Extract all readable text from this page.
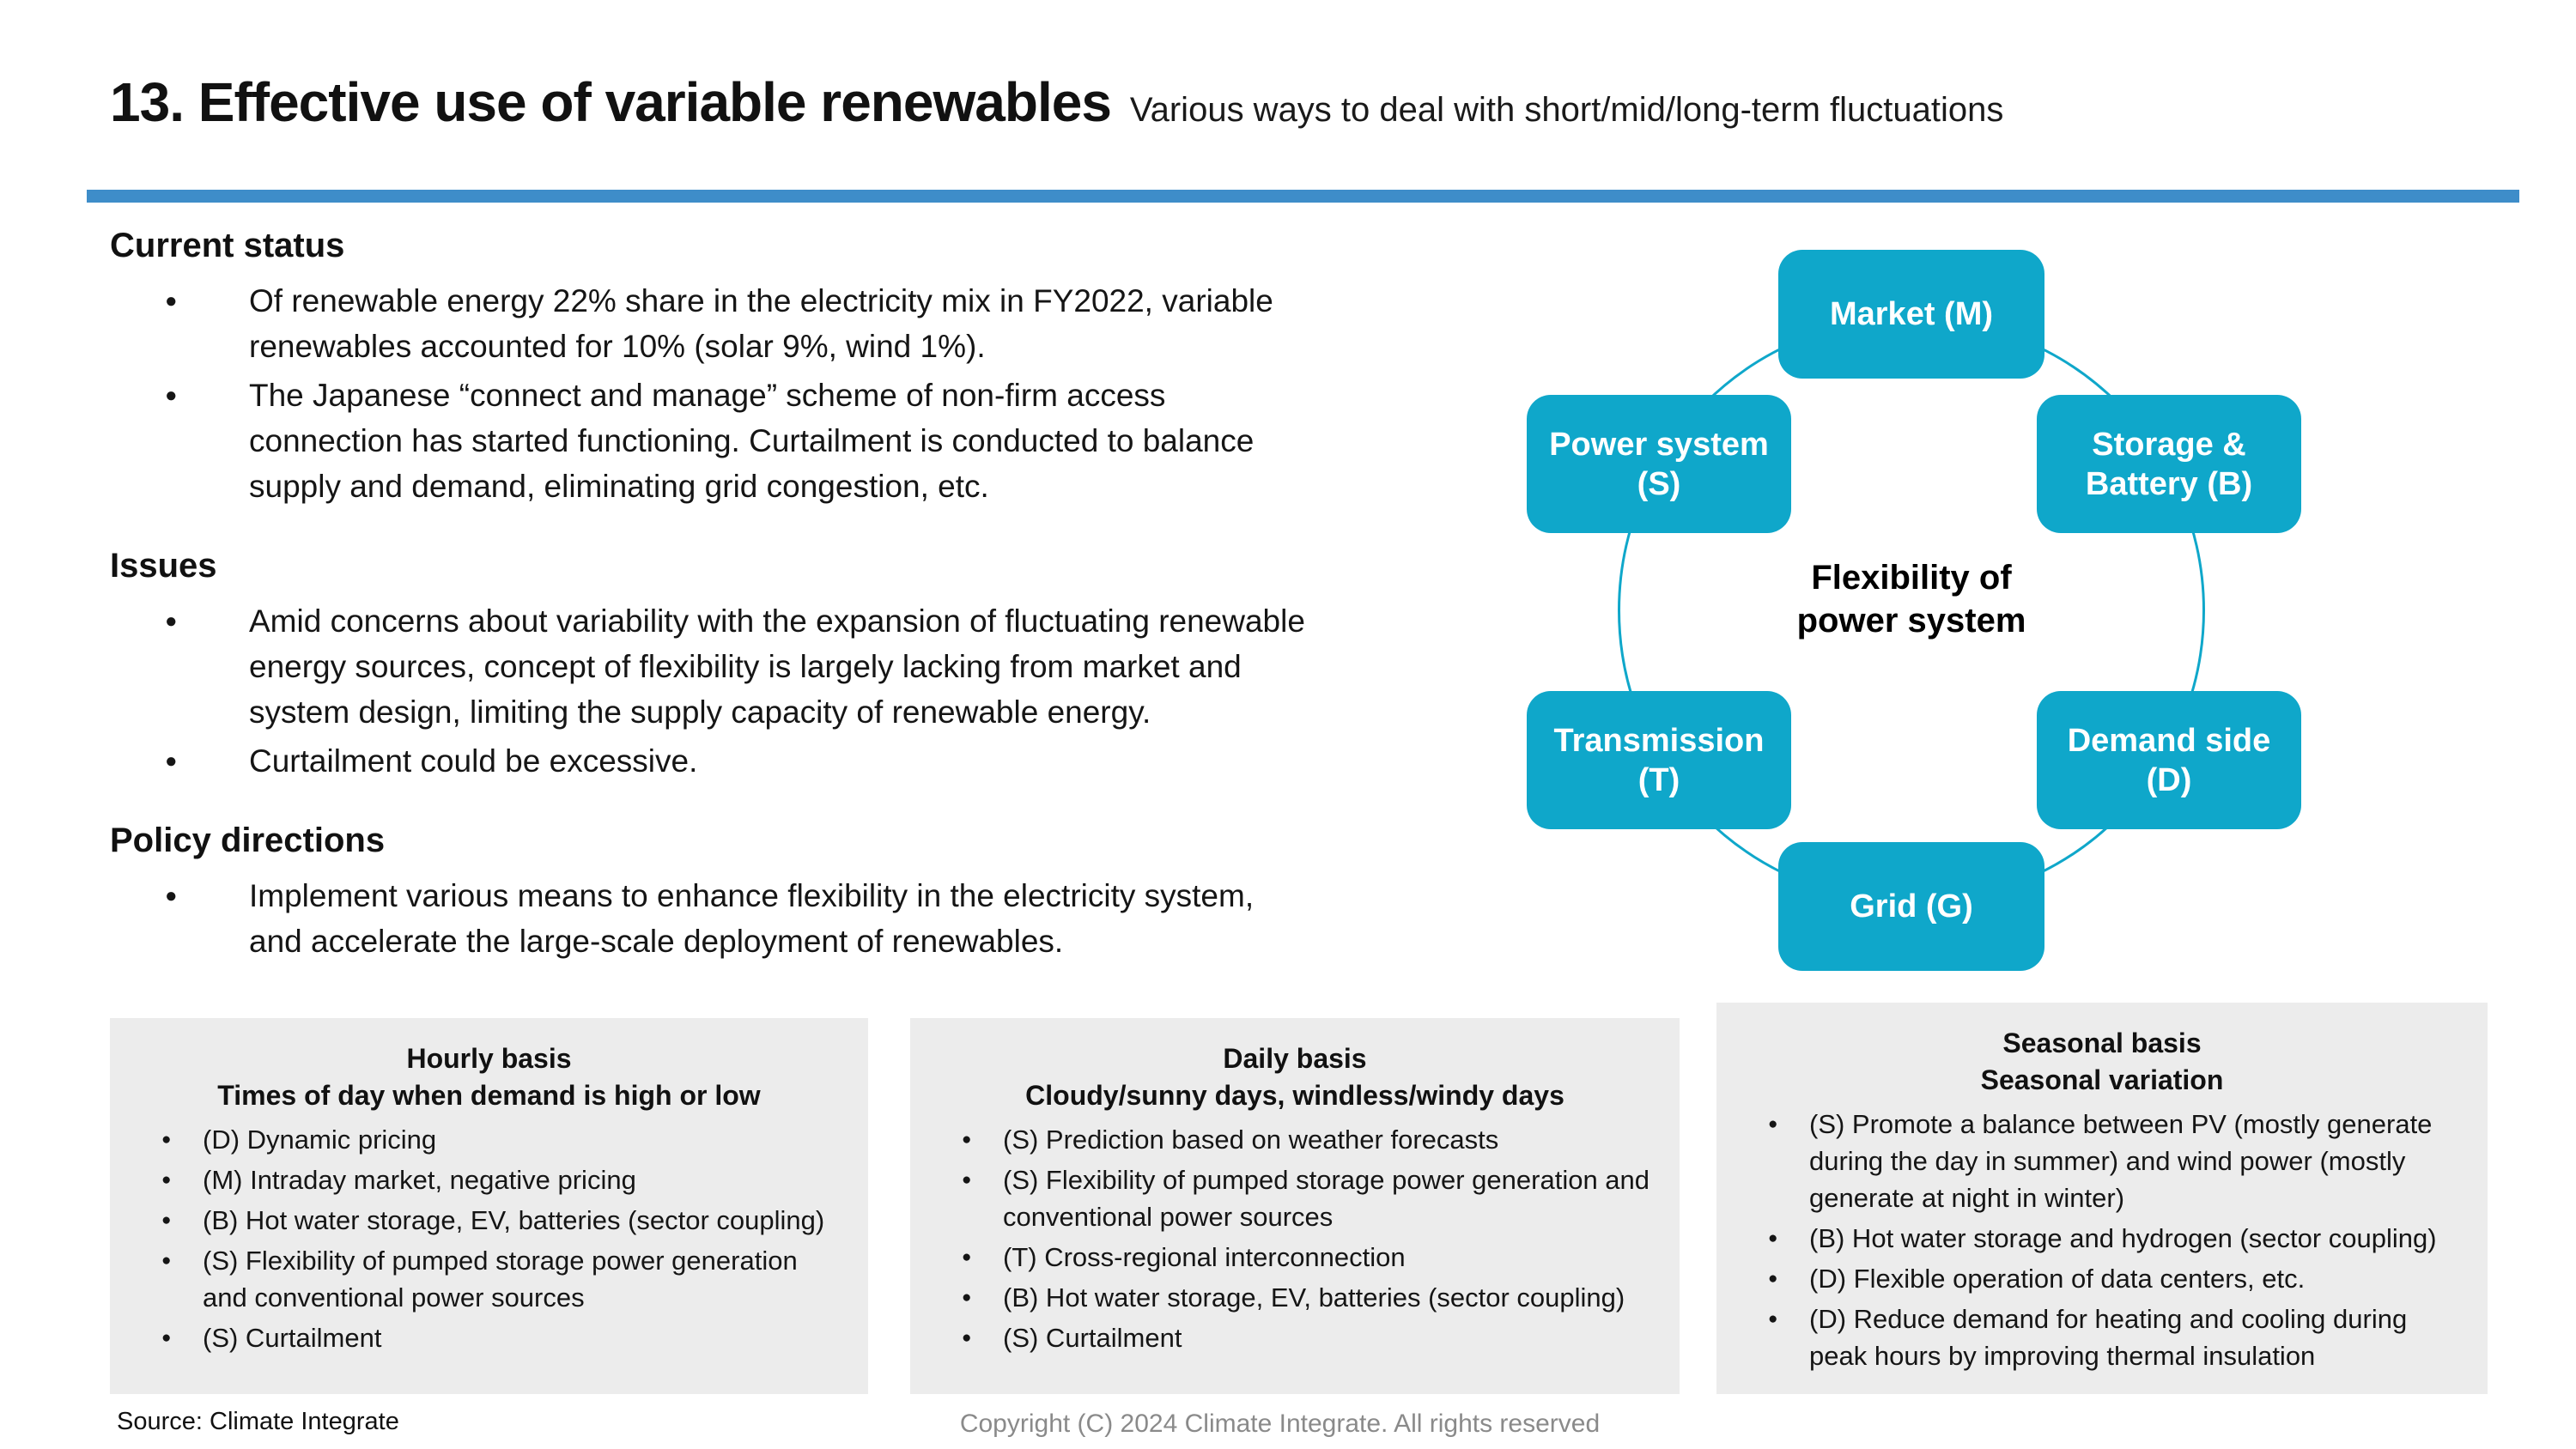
13. Effective use of variable renewables Various ways to deal with short/mid/long-term fluctuations
Current status
● Of renewable energy 22% share in the electricity mix in FY2022, variable renewables accounted for 10% (solar 9%, wind 1%).
● The Japanese “connect and manage” scheme of non-firm access connection has started functioning. Curtailment is conducted to balance supply and demand, eliminating grid congestion, etc.
Issues
● Amid concerns about variability with the expansion of fluctuating renewable energy sources, concept of flexibility is largely lacking from market and system design, limiting the supply capacity of renewable energy.
● Curtailment could be excessive.
Policy directions
● Implement various means to enhance flexibility in the electricity system, and accelerate the large-scale deployment of renewables.
Market (M)
Power system (S)
Storage & Battery (B)
Transmission (T)
Demand side (D)
Grid (G)
Flexibility of
power system
Hourly basis
Times of day when demand is high or low
● (D) Dynamic pricing
● (M) Intraday market, negative pricing
● (B) Hot water storage, EV, batteries (sector coupling)
● (S) Flexibility of pumped storage power generation and conventional power sources
● (S) Curtailment
Daily basis
Cloudy/sunny days, windless/windy days
● (S) Prediction based on weather forecasts
● (S) Flexibility of pumped storage power generation and conventional power sources
● (T) Cross-regional interconnection
● (B) Hot water storage, EV, batteries (sector coupling)
● (S) Curtailment
Seasonal basis
Seasonal variation
● (S) Promote a balance between PV (mostly generate during the day in summer) and wind power (mostly generate at night in winter)
● (B) Hot water storage and hydrogen (sector coupling)
● (D) Flexible operation of data centers, etc.
● (D) Reduce demand for heating and cooling during peak hours by improving thermal insulation
Source: Climate Integrate	Copyright (C) 2024 Climate Integrate. All rights reserved
